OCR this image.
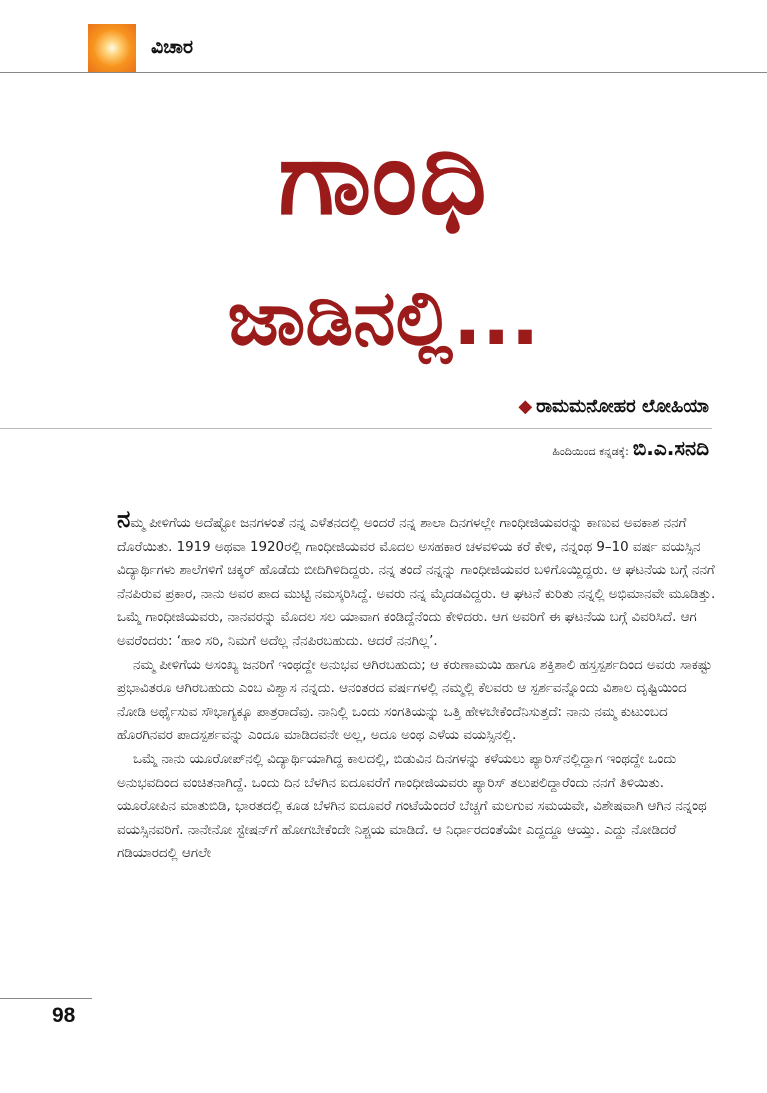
ವಿಚಾರ
ಗಾಂಧಿ
ಜಾಡಿನಲ್ಲಿ...
◆ ರಾಮಮನೋಹರ ಲೋಹಿಯಾ
ಹಿಂದಿಯಿಂದ ಕನ್ನಡಕ್ಕೆ: ಬಿ.ಎ.ಸನದಿ

ನಮ್ಮ ಪೀಳಿಗೆಯ ಅದೆಷ್ಟೋ ಜನಗಳಂತೆ ನನ್ನ ಎಳೆತನದಲ್ಲಿ ಅಂದರೆ ನನ್ನ ಶಾಲಾ ದಿನಗಳಲ್ಲೇ ಗಾಂಧೀಜಿಯವರನ್ನು ಕಾಣುವ ಅವಕಾಶ ನನಗೆ ದೊರೆಯಿತು. 1919 ಅಥವಾ 1920ರಲ್ಲಿ ಗಾಂಧೀಜಿಯವರ ಮೊದಲ ಅಸಹಕಾರ ಚಳವಳಿಯ ಕರೆ ಕೇಳಿ, ನನ್ನಂಥ 9–10 ವರ್ಷ ವಯಸ್ಸಿನ ವಿದ್ಯಾರ್ಥಿಗಳು ಶಾಲೆಗಳಿಗೆ ಚಕ್ಕರ್ ಹೊಡೆದು ಬೀದಿಗಿಳಿದಿದ್ದರು. ನನ್ನ ತಂದೆ ನನ್ನನ್ನು ಗಾಂಧೀಜಿಯವರ ಬಳಿಗೊಯ್ದಿದ್ದರು. ಆ ಘಟನೆಯ ಬಗ್ಗೆ ನನಗೆ ನೆನಪಿರುವ ಪ್ರಕಾರ, ನಾನು ಅವರ ಪಾದ ಮುಟ್ಟಿ ನಮಸ್ಕರಿಸಿದ್ದೆ. ಅವರು ನನ್ನ ಮೈದಡವಿದ್ದರು. ಆ ಘಟನೆ ಕುರಿತು ನನ್ನಲ್ಲಿ ಅಭಿಮಾನವೇ ಮೂಡಿತ್ತು. ಒಮ್ಮೆ ಗಾಂಧೀಜಿಯವರು, ನಾನವರನ್ನು ಮೊದಲ ಸಲ ಯಾವಾಗ ಕಂಡಿದ್ದೆನೆಂದು ಕೇಳಿದರು. ಆಗ ಅವರಿಗೆ ಈ ಘಟನೆಯ ಬಗ್ಗೆ ವಿವರಿಸಿದೆ. ಆಗ ಅವರೆಂದರು: ‘ಹಾಂ ಸರಿ, ನಿಮಗೆ ಅದೆಲ್ಲ ನೆನಪಿರಬಹುದು. ಆದರೆ ನನಗಿಲ್ಲ’.

ನಮ್ಮ ಪೀಳಿಗೆಯ ಅಸಂಖ್ಯ ಜನರಿಗೆ ಇಂಥದ್ದೇ ಅನುಭವ ಆಗಿರಬಹುದು; ಆ ಕರುಣಾಮಯಿ ಹಾಗೂ ಶಕ್ತಿಶಾಲಿ ಹಸ್ತಸ್ಪರ್ಶದಿಂದ ಅವರು ಸಾಕಷ್ಟು ಪ್ರಭಾವಿತರೂ ಆಗಿರಬಹುದು ಎಂಬ ವಿಶ್ವಾಸ ನನ್ನದು. ಆನಂತರದ ವರ್ಷಗಳಲ್ಲಿ ನಮ್ಮಲ್ಲಿ ಕೆಲವರು ಆ ಸ್ಪರ್ಶವನ್ನೊಂದು ವಿಶಾಲ ದೃಷ್ಟಿಯಿಂದ ನೋಡಿ ಅರ್ಥೈಸುವ ಸೌಭಾಗ್ಯಕ್ಕೂ ಪಾತ್ರರಾದೆವು. ನಾನಿಲ್ಲಿ ಒಂದು ಸಂಗತಿಯನ್ನು ಒತ್ತಿ ಹೇಳಬೇಕೆಂದೆನಿಸುತ್ತದೆ: ನಾನು ನಮ್ಮ ಕುಟುಂಬದ ಹೊರಗಿನವರ ಪಾದಸ್ಪರ್ಶವನ್ನು ಎಂದೂ ಮಾಡಿದವನೇ ಅಲ್ಲ, ಅದೂ ಅಂಥ ಎಳೆಯ ವಯಸ್ಸಿನಲ್ಲಿ.

ಒಮ್ಮೆ ನಾನು ಯೂರೋಪ್‌ನಲ್ಲಿ ವಿದ್ಯಾರ್ಥಿಯಾಗಿದ್ದ ಕಾಲದಲ್ಲಿ, ಬಿಡುವಿನ ದಿನಗಳನ್ನು ಕಳೆಯಲು ಪ್ಯಾರಿಸ್‌ನಲ್ಲಿದ್ದಾಗ ಇಂಥದ್ದೇ ಒಂದು ಅನುಭವದಿಂದ ವಂಚಿತನಾಗಿದ್ದೆ. ಒಂದು ದಿನ ಬೆಳಗಿನ ಐದೂವರೆಗೆ ಗಾಂಧೀಜಿಯವರು ಪ್ಯಾರಿಸ್ ತಲುಪಲಿದ್ದಾರೆಂದು ನನಗೆ ತಿಳಿಯಿತು. ಯೂರೋಪಿನ ಮಾತುಬಿಡಿ, ಭಾರತದಲ್ಲಿ ಕೂಡ ಬೆಳಗಿನ ಐದೂವರೆ ಗಂಟೆಯೆಂದರೆ ಬೆಚ್ಚಗೆ ಮಲಗುವ ಸಮಯವೇ, ವಿಶೇಷವಾಗಿ ಆಗಿನ ನನ್ನಂಥ ವಯಸ್ಸಿನವರಿಗೆ. ನಾನೇನೋ ಸ್ಟೇಷನ್‌ಗೆ ಹೋಗಬೇಕೆಂದೇ ನಿಶ್ಚಯ ಮಾಡಿದೆ. ಆ ನಿರ್ಧಾರದಂತೆಯೇ ಎದ್ದದ್ದೂ ಆಯ್ತು. ಎದ್ದು ನೋಡಿದರೆ ಗಡಿಯಾರದಲ್ಲಿ ಆಗಲೇ

98
